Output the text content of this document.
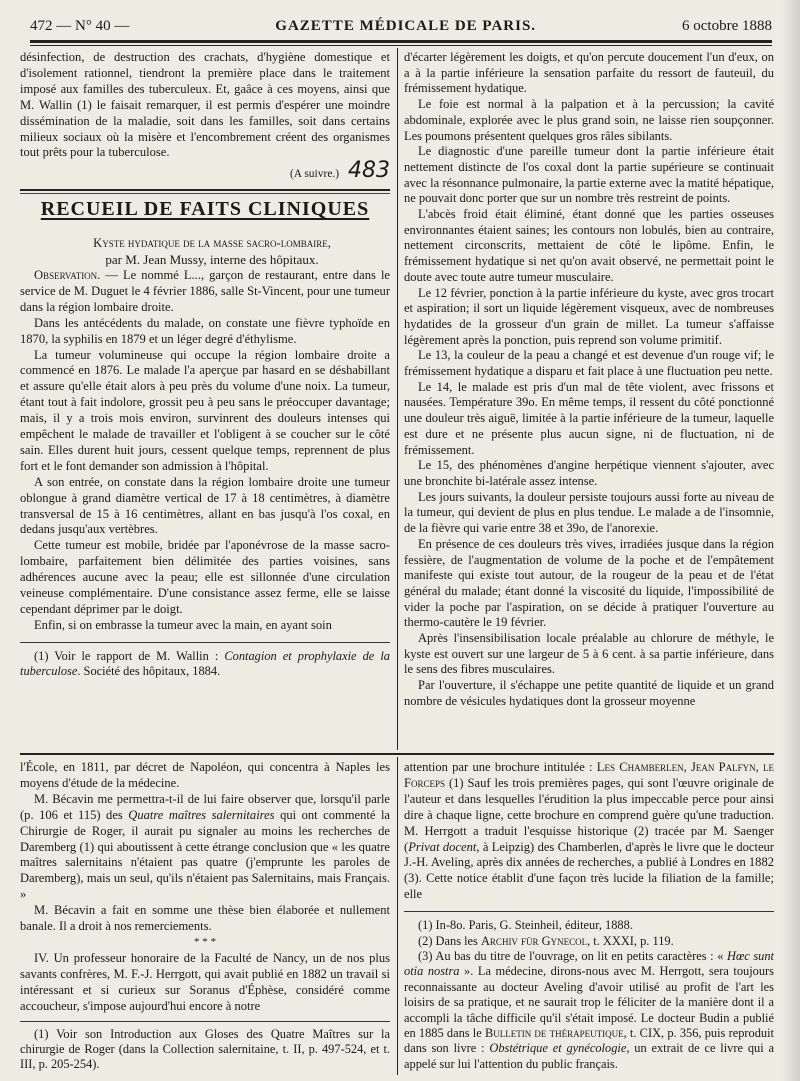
472 — N° 40 —	GAZETTE MÉDICALE DE PARIS.	6 octobre 1888

désinfection, de destruction des crachats, d'hygiène domestique et d'isolement rationnel, tiendront la première place dans le traitement imposé aux familles des tuberculeux. Et, gaâce à ces moyens, ainsi que M. Wallin (1) le faisait remarquer, il est permis d'espérer une moindre dissémination de la maladie, soit dans les familles, soit dans certains milieux sociaux où la misère et l'encombrement créent des organismes tout prêts pour la tuberculose.

(A suivre.) 483
RECUEIL DE FAITS CLINIQUES

Kyste hydatique de la masse sacro-lombaire,

par M. Jean Mussy, interne des hôpitaux.

Observation. — Le nommé L..., garçon de restaurant, entre dans le service de M. Duguet le 4 février 1886, salle St-Vincent, pour une tumeur dans la région lombaire droite.

Dans les antécédents du malade, on constate une fièvre typhoïde en 1870, la syphilis en 1879 et un léger degré d'éthylisme.

La tumeur volumineuse qui occupe la région lombaire droite a commencé en 1876. Le malade l'a aperçue par hasard en se déshabillant et assure qu'elle était alors à peu près du volume d'une noix. La tumeur, étant tout à fait indolore, grossit peu à peu sans le préoccuper davantage; mais, il y a trois mois environ, survinrent des douleurs intenses qui empêchent le malade de travailler et l'obligent à se coucher sur le côté sain. Elles durent huit jours, cessent quelque temps, reprennent de plus fort et le font demander son admission à l'hôpital.

A son entrée, on constate dans la région lombaire droite une tumeur oblongue à grand diamètre vertical de 17 à 18 centimètres, à diamètre transversal de 15 à 16 centimètres, allant en bas jusqu'à l'os coxal, en dedans jusqu'aux vertèbres.

Cette tumeur est mobile, bridée par l'aponévrose de la masse sacro-lombaire, parfaitement bien délimitée des parties voisines, sans adhérences aucune avec la peau; elle est sillonnée d'une circulation veineuse complémentaire. D'une consistance assez ferme, elle se laisse cependant déprimer par le doigt.

Enfin, si on embrasse la tumeur avec la main, en ayant soin

(1) Voir le rapport de M. Wallin : Contagion et prophylaxie de la tuberculose. Société des hôpitaux, 1884.

d'écarter légèrement les doigts, et qu'on percute doucement l'un d'eux, on a à la partie inférieure la sensation parfaite du ressort de fauteuil, du frémissement hydatique.

Le foie est normal à la palpation et à la percussion; la cavité abdominale, explorée avec le plus grand soin, ne laisse rien soupçonner. Les poumons présentent quelques gros râles sibilants.

Le diagnostic d'une pareille tumeur dont la partie inférieure était nettement distincte de l'os coxal dont la partie supérieure se continuait avec la résonnance pulmonaire, la partie externe avec la matité hépatique, ne pouvait donc porter que sur un nombre très restreint de points.

L'abcès froid était éliminé, étant donné que les parties osseuses environnantes étaient saines; les contours non lobulés, bien au contraire, nettement circonscrits, mettaient de côté le lipôme. Enfin, le frémissement hydatique si net qu'on avait observé, ne permettait point le doute avec toute autre tumeur musculaire.

Le 12 février, ponction à la partie inférieure du kyste, avec gros trocart et aspiration; il sort un liquide légèrement visqueux, avec de nombreuses hydatides de la grosseur d'un grain de millet. La tumeur s'affaisse légèrement après la ponction, puis reprend son volume primitif.

Le 13, la couleur de la peau a changé et est devenue d'un rouge vif; le frémissement hydatique a disparu et fait place à une fluctuation peu nette.

Le 14, le malade est pris d'un mal de tête violent, avec frissons et nausées. Température 39o. En même temps, il ressent du côté ponctionné une douleur très aiguë, limitée à la partie inférieure de la tumeur, laquelle est dure et ne présente plus aucun signe, ni de fluctuation, ni de frémissement.

Le 15, des phénomènes d'angine herpétique viennent s'ajouter, avec une bronchite bi-latérale assez intense.

Les jours suivants, la douleur persiste toujours aussi forte au niveau de la tumeur, qui devient de plus en plus tendue. Le malade a de l'insomnie, de la fièvre qui varie entre 38 et 39o, de l'anorexie.

En présence de ces douleurs très vives, irradiées jusque dans la région fessière, de l'augmentation de volume de la poche et de l'empâtement manifeste qui existe tout autour, de la rougeur de la peau et de l'état général du malade; étant donné la viscosité du liquide, l'impossibilité de vider la poche par l'aspiration, on se décide à pratiquer l'ouverture au thermo-cautère le 19 février.

Après l'insensibilisation locale préalable au chlorure de méthyle, le kyste est ouvert sur une largeur de 5 à 6 cent. à sa partie inférieure, dans le sens des fibres musculaires.

Par l'ouverture, il s'échappe une petite quantité de liquide et un grand nombre de vésicules hydatiques dont la grosseur moyenne

l'École, en 1811, par décret de Napoléon, qui concentra à Naples les moyens d'étude de la médecine.

M. Bécavin me permettra-t-il de lui faire observer que, lorsqu'il parle (p. 106 et 115) des Quatre maîtres salernitaires qui ont commenté la Chirurgie de Roger, il aurait pu signaler au moins les recherches de Daremberg (1) qui aboutissent à cette étrange conclusion que « les quatre maîtres salernitains n'étaient pas quatre (j'emprunte les paroles de Daremberg), mais un seul, qu'ils n'étaient pas Salernitains, mais Français. »

M. Bécavin a fait en somme une thèse bien élaborée et nullement banale. Il a droit à nos remerciements.

* * *

IV. Un professeur honoraire de la Faculté de Nancy, un de nos plus savants confrères, M. F.-J. Herrgott, qui avait publié en 1882 un travail si intéressant et si curieux sur Soranus d'Éphèse, considéré comme accoucheur, s'impose aujourd'hui encore à notre

(1) Voir son Introduction aux Gloses des Quatre Maîtres sur la chirurgie de Roger (dans la Collection salernitaine, t. II, p. 497-524, et t. III, p. 205-254).

attention par une brochure intitulée : Les Chamberlen, Jean Palfyn, le Forceps (1) Sauf les trois premières pages, qui sont l'œuvre originale de l'auteur et dans lesquelles l'érudition la plus impeccable perce pour ainsi dire à chaque ligne, cette brochure en comprend guère qu'une traduction. M. Herrgott a traduit l'esquisse historique (2) tracée par M. Saenger (Privat docent, à Leipzig) des Chamberlen, d'après le livre que le docteur J.-H. Aveling, après dix années de recherches, a publié à Londres en 1882 (3). Cette notice établit d'une façon très lucide la filiation de la famille; elle

(1) In-8o. Paris, G. Steinheil, éditeur, 1888.

(2) Dans les Archiv für Gynecol, t. XXXI, p. 119.

(3) Au bas du titre de l'ouvrage, on lit en petits caractères : « Hœc sunt otia nostra ». La médecine, dirons-nous avec M. Herrgott, sera toujours reconnaissante au docteur Aveling d'avoir utilisé au profit de l'art les loisirs de sa pratique, et ne saurait trop le féliciter de la manière dont il a accompli la tâche difficile qu'il s'était imposé. Le docteur Budin a publié en 1885 dans le Bulletin de thérapeutique, t. CIX, p. 356, puis reproduit dans son livre : Obstétrique et gynécologie, un extrait de ce livre qui a appelé sur lui l'attention du public français.
